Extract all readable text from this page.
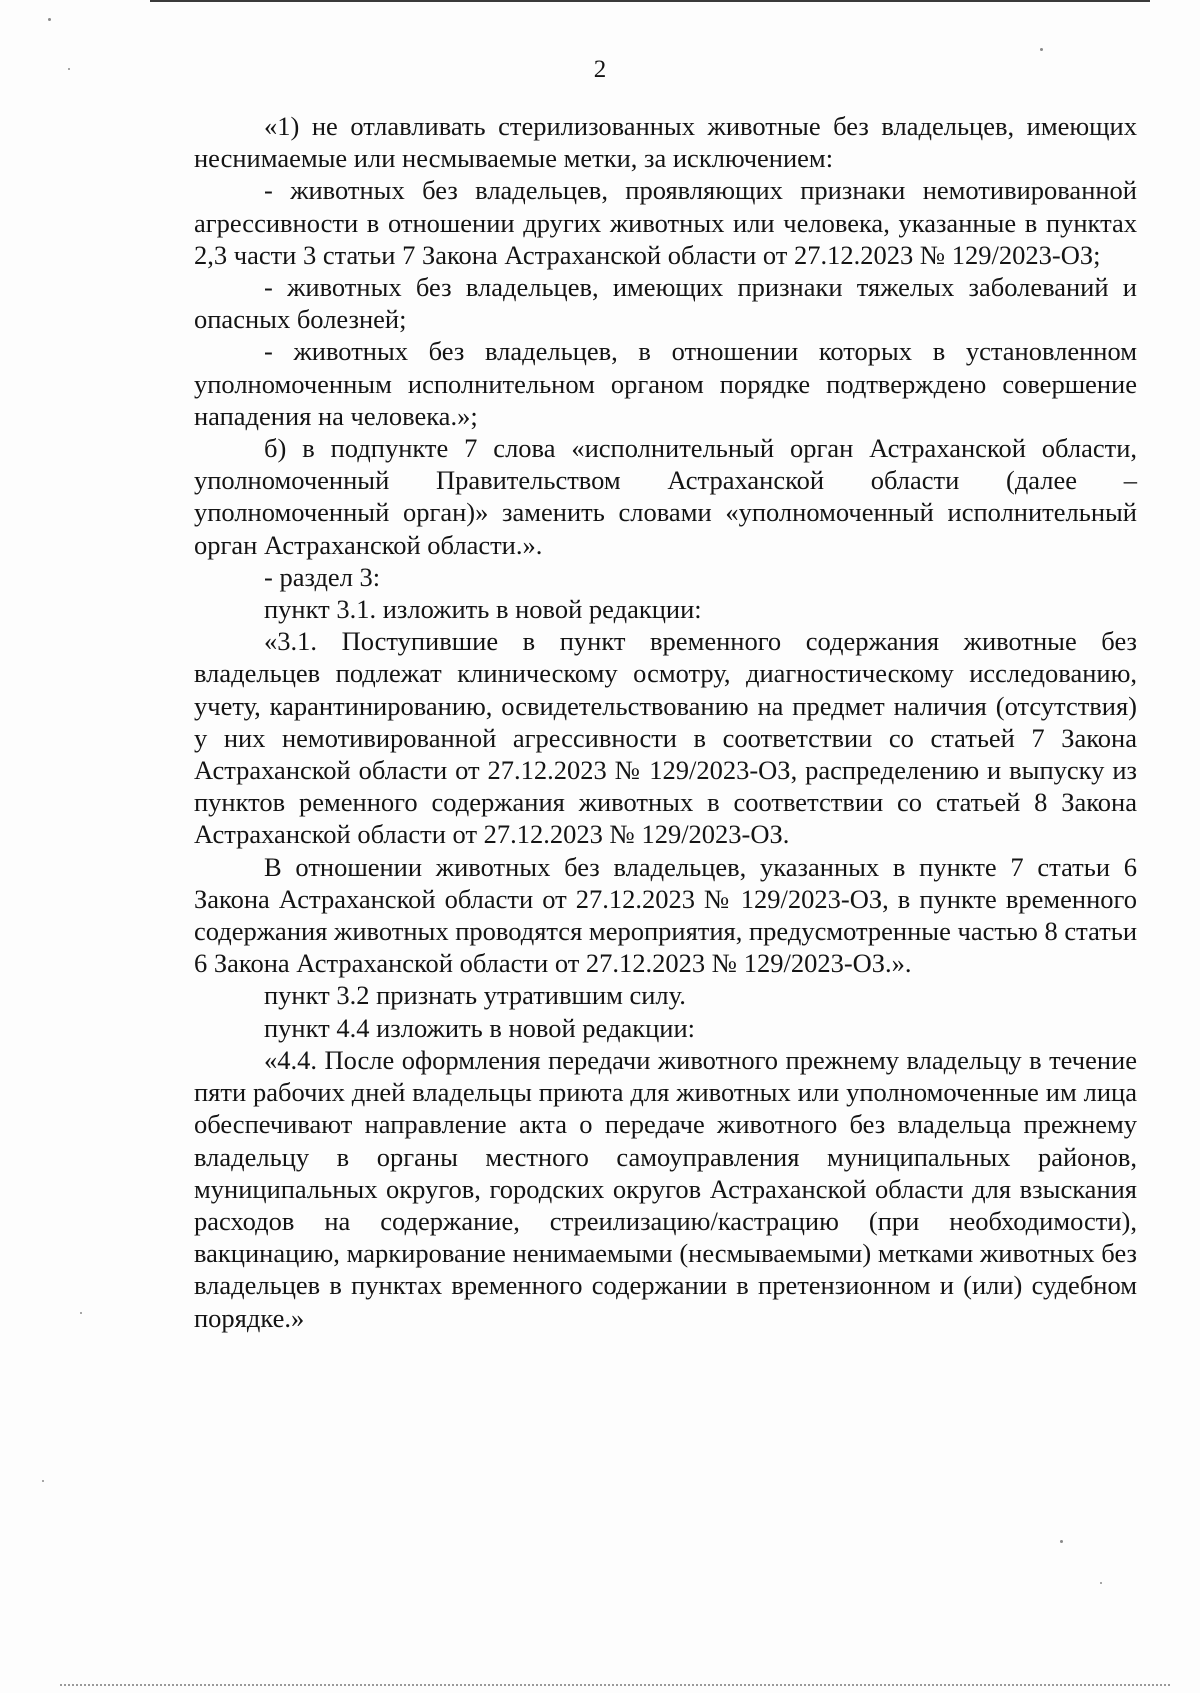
2

«1) не отлавливать стерилизованных животные без владельцев, имеющих неснимаемые или несмываемые метки, за исключением:

- животных без владельцев, проявляющих признаки немотивированной агрессивности в отношении других животных или человека, указанные в пунктах 2,3 части 3 статьи 7 Закона Астраханской области от 27.12.2023 № 129/2023-ОЗ;

- животных без владельцев, имеющих признаки тяжелых заболеваний и опасных болезней;

- животных без владельцев, в отношении которых в установленном уполномоченным исполнительном органом порядке подтверждено совершение нападения на человека.»;

б) в подпункте 7 слова «исполнительный орган Астраханской области, уполномоченный Правительством Астраханской области (далее – уполномоченный орган)» заменить словами «уполномоченный исполнительный орган Астраханской области.».

- раздел 3:

пункт 3.1. изложить в новой редакции:

«3.1. Поступившие в пункт временного содержания животные без владельцев подлежат клиническому осмотру, диагностическому исследованию, учету, карантинированию, освидетельствованию на предмет наличия (отсутствия) у них немотивированной агрессивности в соответствии со статьей 7 Закона Астраханской области от 27.12.2023 № 129/2023-ОЗ, распределению и выпуску из пунктов ременного содержания животных в соответствии со статьей 8 Закона Астраханской области от 27.12.2023 № 129/2023-ОЗ.

В отношении животных без владельцев, указанных в пункте 7 статьи 6 Закона Астраханской области от 27.12.2023 № 129/2023-ОЗ, в пункте временного содержания животных проводятся мероприятия, предусмотренные частью 8 статьи 6 Закона Астраханской области от 27.12.2023 № 129/2023-ОЗ.».

пункт 3.2 признать утратившим силу.

пункт 4.4 изложить в новой редакции:

«4.4. После оформления передачи животного прежнему владельцу в течение пяти рабочих дней владельцы приюта для животных или уполномоченные им лица обеспечивают направление акта о передаче животного без владельца прежнему владельцу в органы местного самоуправления муниципальных районов, муниципальных округов, городских округов Астраханской области для взыскания расходов на содержание, стреилизацию/кастрацию (при необходимости), вакцинацию, маркирование ненимаемыми (несмываемыми) метками животных без владельцев в пунктах временного содержании в претензионном и (или) судебном порядке.»
